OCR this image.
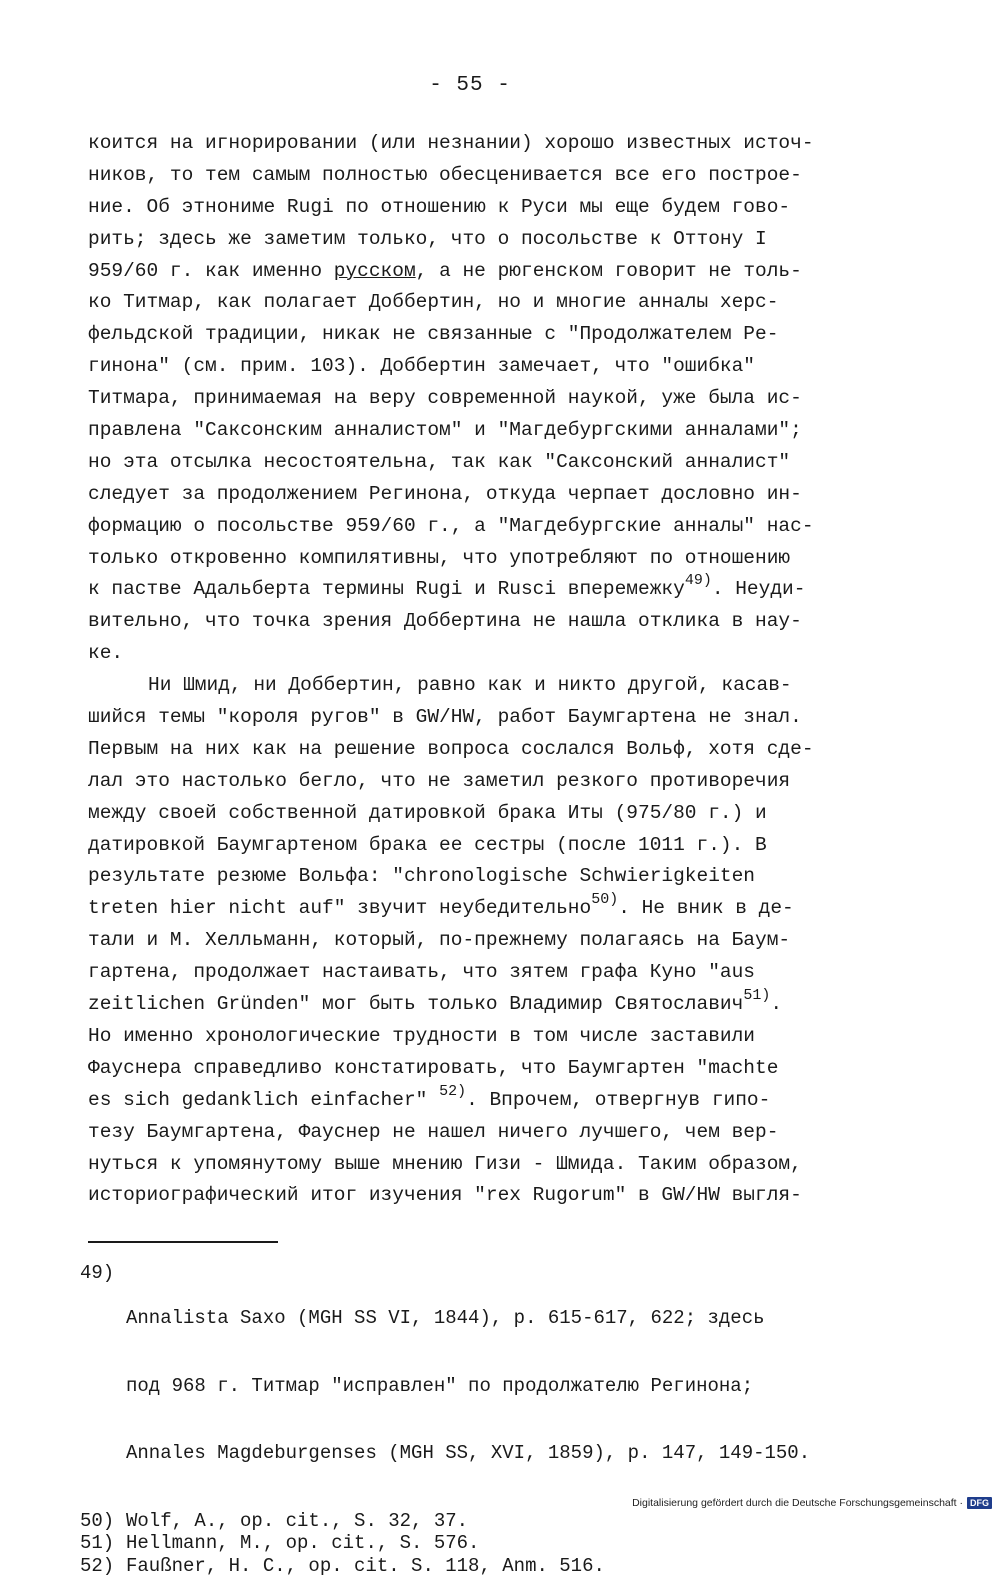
- 55 -
коится на игнорировании (или незнании) хорошо известных источ-
ников, то тем самым полностью обесценивается все его построе-
ние. Об этнониме Rugi по отношению к Руси мы еще будем гово-
рить; здесь же заметим только, что о посольстве к Оттону I
959/60 г. как именно русском, а не рюгенском говорит не толь-
ко Титмар, как полагает Доббертин, но и многие анналы херс-
фельдской традиции, никак не связанные с "Продолжателем Ре-
гинона" (см. прим. 103). Доббертин замечает, что "ошибка"
Титмара, принимаемая на веру современной наукой, уже была ис-
правлена "Саксонским анналистом" и "Магдебургскими анналами";
но эта отсылка несостоятельна, так как "Саксонский анналист"
следует за продолжением Регинона, откуда черпает дословно ин-
формацию о посольстве 959/60 г., а "Магдебургские анналы" нас-
только откровенно компилятивны, что употребляют по отношению
к пастве Адальберта термины Rugi и Rusci вперемежку$^{49)}$. Неуди-
вительно, что точка зрения Доббертина не нашла отклика в нау-
ке.
Ни Шмид, ни Доббертин, равно как и никто другой, касав-
шийся темы "короля ругов" в GW/HW, работ Баумгартена не знал.
Первым на них как на решение вопроса сослался Вольф, хотя сде-
лал это настолько бегло, что не заметил резкого противоречия
между своей собственной датировкой брака Иты (975/80 г.) и
датировкой Баумгартеном брака ее сестры (после 1011 г.). В
результате резюме Вольфа: "chronologische Schwierigkeiten
treten hier nicht auf" звучит неубедительно$^{50)}$. Не вник в де-
тали и М. Хелльманн, который, по-прежнему полагаясь на Баум-
гартена, продолжает настаивать, что зятем графа Куно "aus
zeitlichen Gründen" мог быть только Владимир Святославич$^{51)}$.
Но именно хронологические трудности в том числе заставили
Фауснера справедливо констатировать, что Баумгартен "machte
es sich gedanklich einfacher" $^{52)}$. Впрочем, отвергнув гипо-
тезу Баумгартена, Фауснер не нашел ничего лучшего, чем вер-
нуться к упомянутому выше мнению Гизи - Шмида. Таким образом,
историографический итог изучения "rex Rugorum" в GW/HW выгля-
49)

Annalista Saxo (MGH SS VI, 1844), p. 615-617, 622; здесь

под 968 г. Титмар "исправлен" по продолжателю Регинона;

Annales Magdeburgenses (MGH SS, XVI, 1859), p. 147, 149-150.

50) Wolf, A., op. cit., S. 32, 37.
51) Hellmann, M., op. cit., S. 576.
52) Faußner, H. C., op. cit. S. 118, Anm. 516.
Digitalisierung gefördert durch die Deutsche Forschungsgemeinschaft · DFG
